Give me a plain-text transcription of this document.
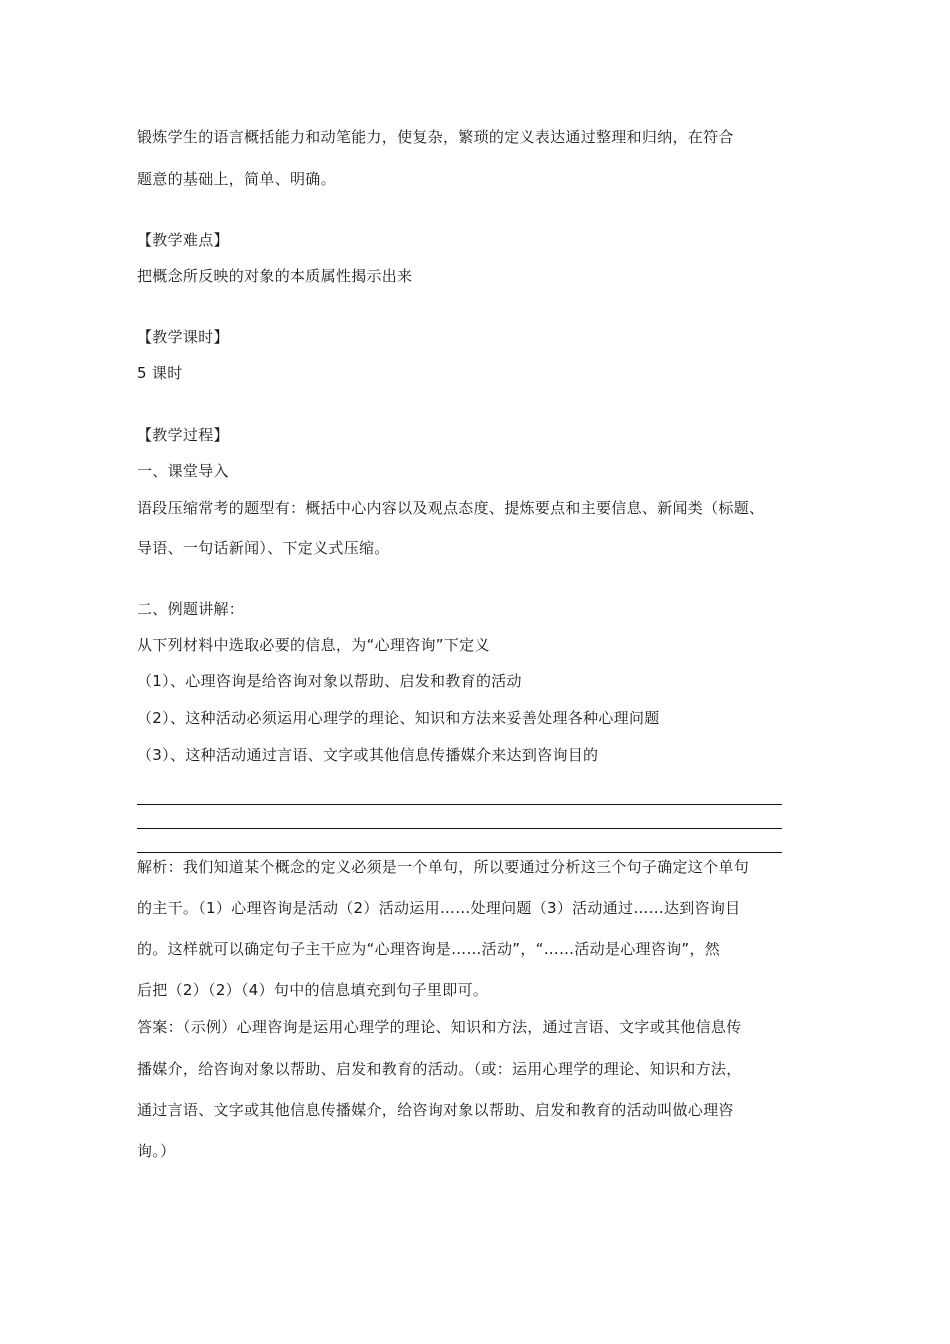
锻炼学生的语言概括能力和动笔能力，使复杂，繁琐的定义表达通过整理和归纳，在符合
题意的基础上，简单、明确。
【教学难点】
把概念所反映的对象的本质属性揭示出来
【教学课时】
5 课时
【教学过程】
一、课堂导入
语段压缩常考的题型有：概括中心内容以及观点态度、提炼要点和主要信息、新闻类（标题、
导语、一句话新闻）、下定义式压缩。
二、例题讲解：
从下列材料中选取必要的信息，为“心理咨询”下定义
（1）、心理咨询是给咨询对象以帮助、启发和教育的活动
（2）、这种活动必须运用心理学的理论、知识和方法来妥善处理各种心理问题
（3）、这种活动通过言语、文字或其他信息传播媒介来达到咨询目的
解析：我们知道某个概念的定义必须是一个单句，所以要通过分析这三个句子确定这个单句
的主干。（1）心理咨询是活动（2）活动运用……处理问题（3）活动通过……达到咨询目
的。这样就可以确定句子主干应为“心理咨询是……活动”，“……活动是心理咨询”，然
后把（2）（2）（4）句中的信息填充到句子里即可。
答案：（示例）心理咨询是运用心理学的理论、知识和方法，通过言语、文字或其他信息传
播媒介，给咨询对象以帮助、启发和教育的活动。（或：运用心理学的理论、知识和方法，
通过言语、文字或其他信息传播媒介，给咨询对象以帮助、启发和教育的活动叫做心理咨
询。）
